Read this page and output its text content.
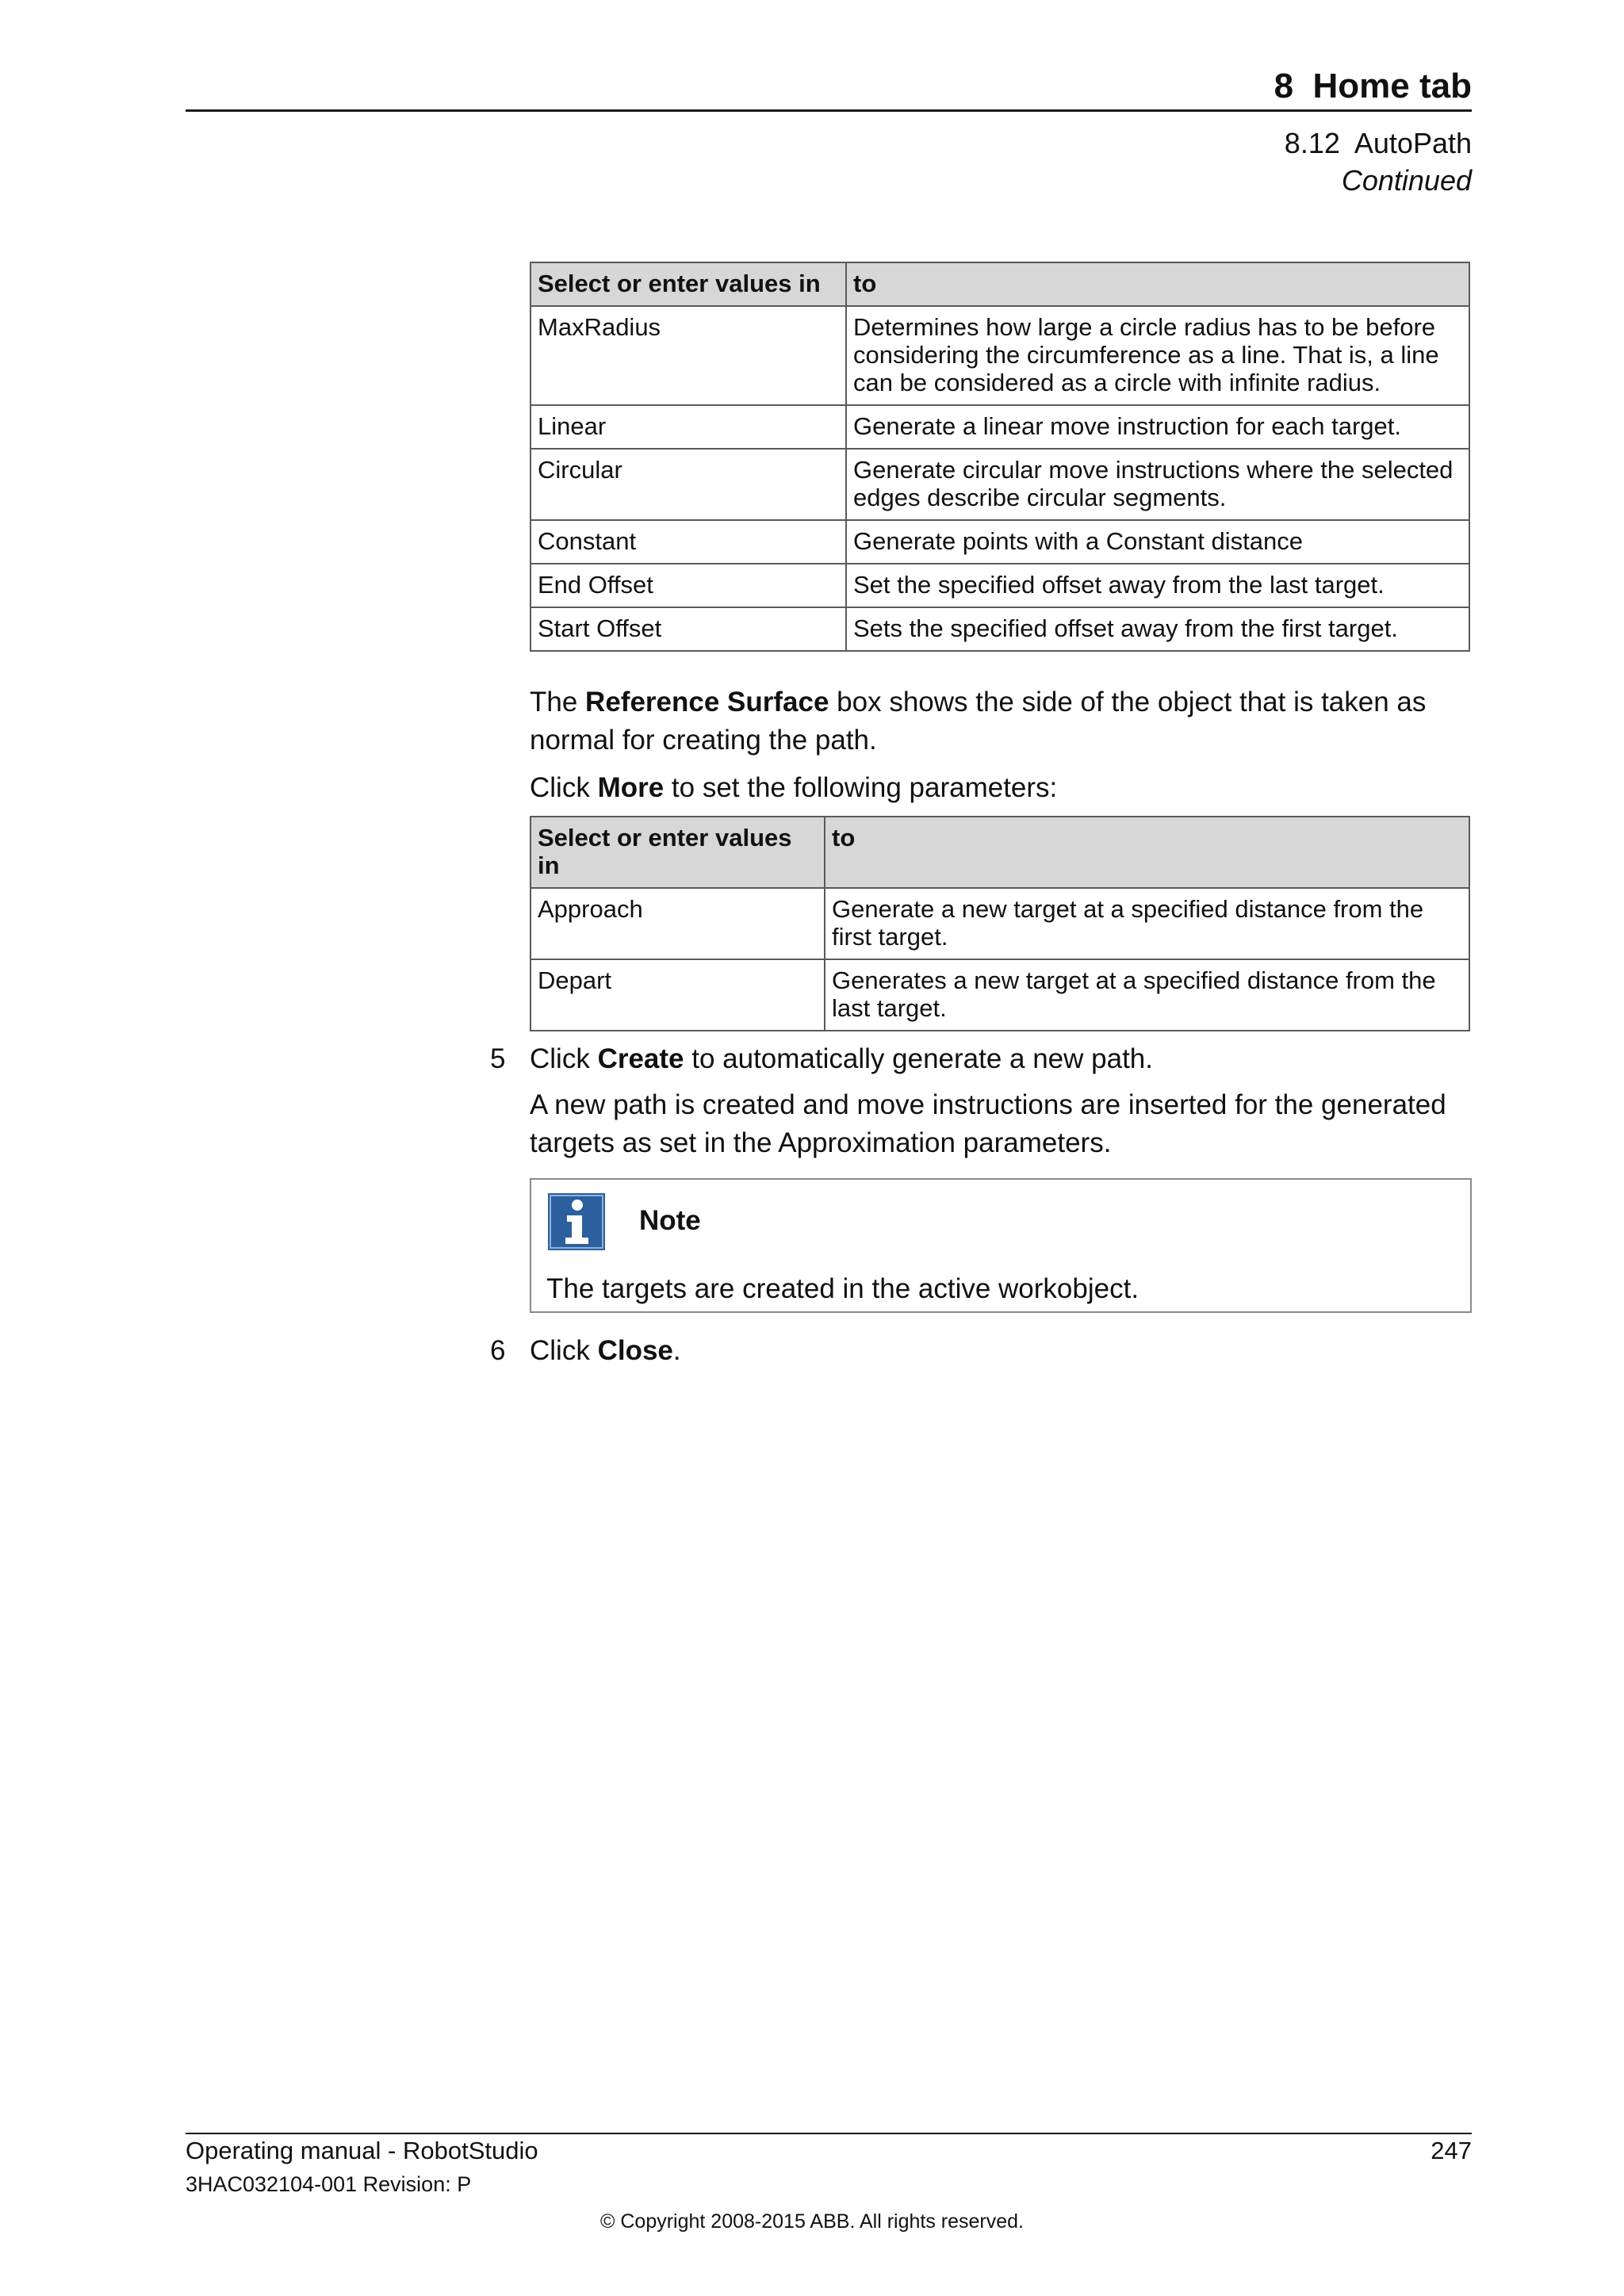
8  Home tab
8.12  AutoPath
Continued
Select or enter values in	to
MaxRadius	Determines how large a circle radius has to be before considering the circumference as a line. That is, a line can be considered as a circle with infinite radius.
Linear	Generate a linear move instruction for each target.
Circular	Generate circular move instructions where the selected edges describe circular segments.
Constant	Generate points with a Constant distance
End Offset	Set the specified offset away from the last target.
Start Offset	Sets the specified offset away from the first target.
The Reference Surface box shows the side of the object that is taken as normal for creating the path.
Click More to set the following parameters:
Select or enter values in	to
Approach	Generate a new target at a specified distance from the first target.
Depart	Generates a new target at a specified distance from the last target.
5 Click Create to automatically generate a new path.
A new path is created and move instructions are inserted for the generated targets as set in the Approximation parameters.
Note
The targets are created in the active workobject.
6 Click Close.
Operating manual - RobotStudio	247
3HAC032104-001 Revision: P
© Copyright 2008-2015 ABB. All rights reserved.
